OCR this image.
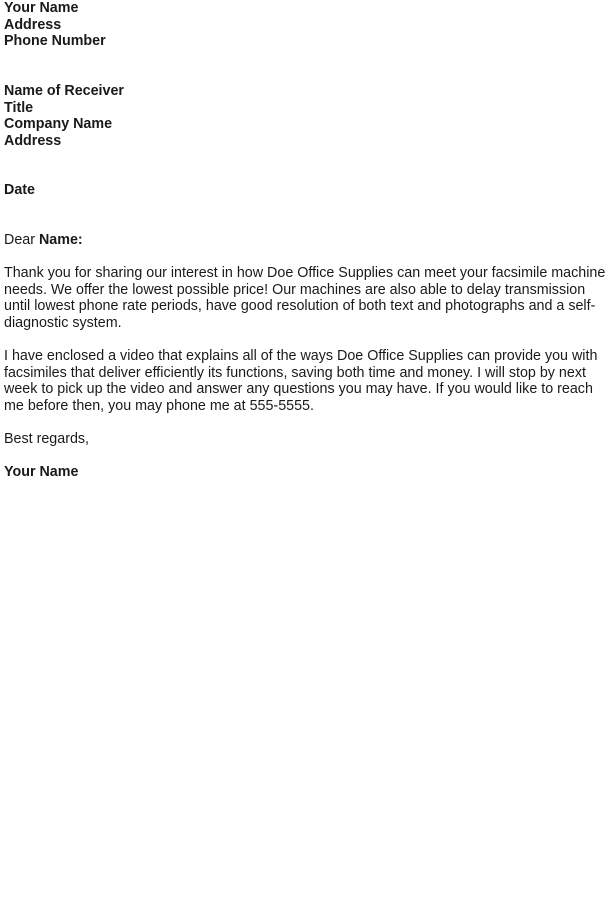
Your Name
Address
Phone Number
Name of Receiver
Title
Company Name
Address
Date
Dear Name:
Thank you for sharing our interest in how Doe Office Supplies can meet your facsimile machine
needs. We offer the lowest possible price! Our machines are also able to delay transmission
until lowest phone rate periods, have good resolution of both text and photographs and a self-
diagnostic system.
I have enclosed a video that explains all of the ways Doe Office Supplies can provide you with
facsimiles that deliver efficiently its functions, saving both time and money. I will stop by next
week to pick up the video and answer any questions you may have. If you would like to reach
me before then, you may phone me at 555-5555.
Best regards,
Your Name
